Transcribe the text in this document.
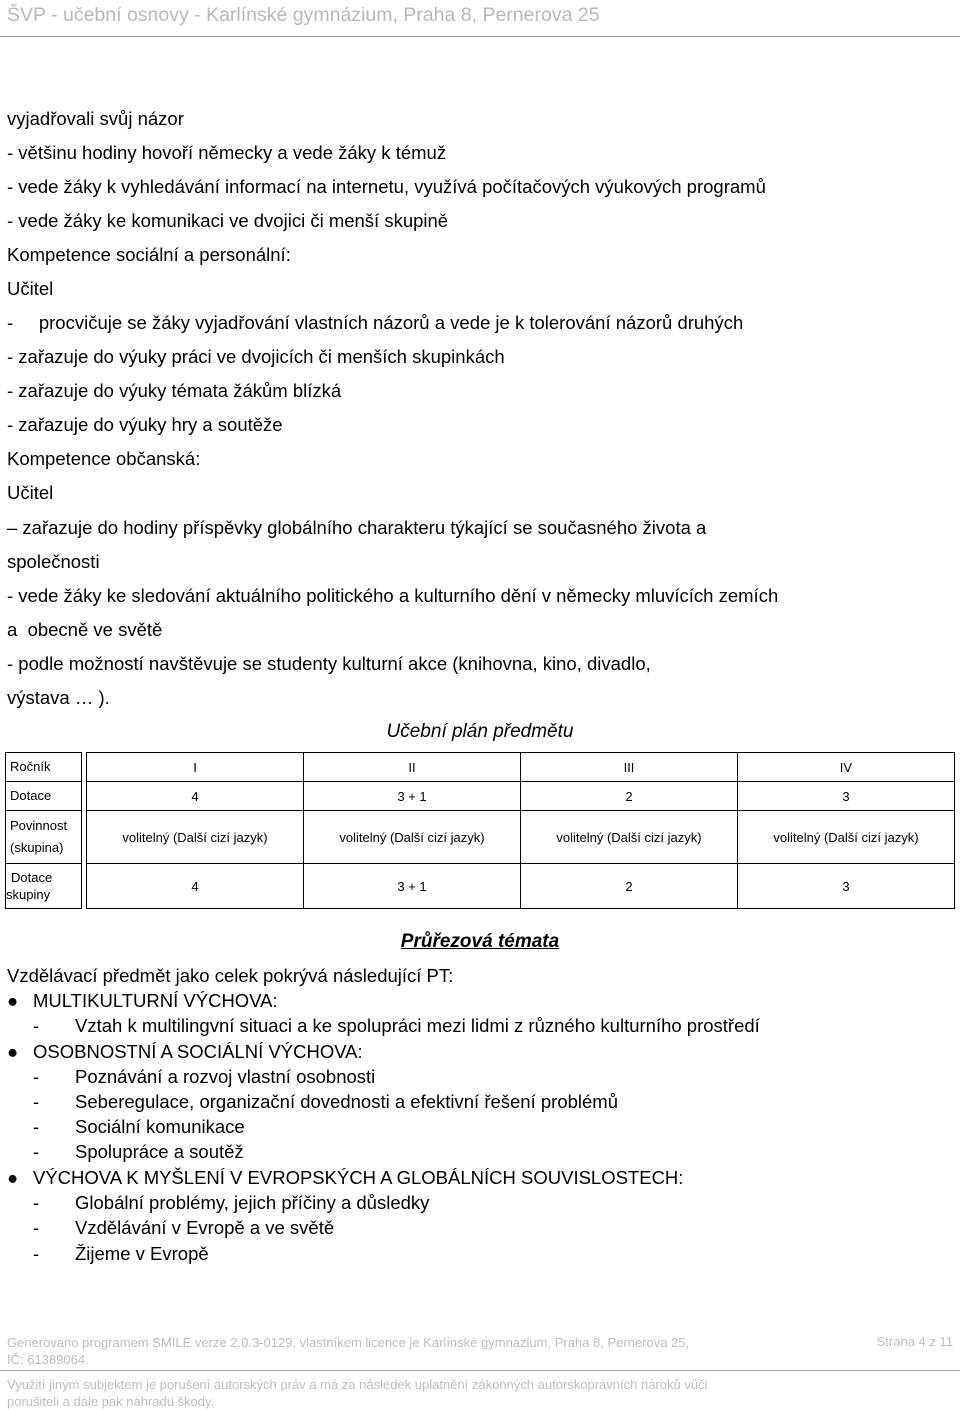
ŠVP - učební osnovy - Karlínské gymnázium, Praha 8, Pernerova 25
vyjadřovali svůj názor
- většinu hodiny hovoří německy a vede žáky k témuž
- vede žáky k vyhledávání informací na internetu, využívá počítačových výukových programů
- vede žáky ke komunikaci ve dvojici či menší skupině
Kompetence sociální a personální:
Učitel
-     procvičuje se žáky vyjadřování vlastních názorů a vede je k tolerování názorů druhých
- zařazuje do výuky práci ve dvojicích či menších skupinkách
- zařazuje do výuky témata žákům blízká
- zařazuje do výuky hry a soutěže
Kompetence občanská:
Učitel
– zařazuje do hodiny příspěvky globálního charakteru týkající se současného života a
společnosti
- vede žáky ke sledování aktuálního politického a kulturního dění v německy mluvících zemích
a  obecně ve světě
- podle možností navštěvuje se studenty kulturní akce (knihovna, kino, divadlo,
výstava … ).
Učební plán předmětu
Ročník		I	II	III	IV
Dotace		4	3 + 1	2	3
Povinnost
(skupina)		volitelný (Další cizí jazyk)	volitelný (Další cizí jazyk)	volitelný (Další cizí jazyk)	volitelný (Další cizí jazyk)
Dotace
skupiny		4	3 + 1	2	3
Průřezová témata
Vzdělávací předmět jako celek pokrývá následující PT:
● MULTIKULTURNÍ VÝCHOVA:
- Vztah k multilingvní situaci a ke spolupráci mezi lidmi z různého kulturního prostředí
● OSOBNOSTNÍ A SOCIÁLNÍ VÝCHOVA:
- Poznávání a rozvoj vlastní osobnosti
- Seberegulace, organizační dovednosti a efektivní řešení problémů
- Sociální komunikace
- Spolupráce a soutěž
● VÝCHOVA K MYŠLENÍ V EVROPSKÝCH A GLOBÁLNÍCH SOUVISLOSTECH:
- Globální problémy, jejich příčiny a důsledky
- Vzdělávání v Evropě a ve světě
- Žijeme v Evropě
Generováno programem SMILE verze 2.0.3-0129, vlastníkem licence je Karlínské gymnázium, Praha 8, Pernerova 25,
IČ: 61389064.
Strana 4 z 11
Využití jiným subjektem je porušení autorských práv a má za následek uplatnění zákonných autorskoprávních nároků vůči
porušiteli a dále pak náhradu škody.
